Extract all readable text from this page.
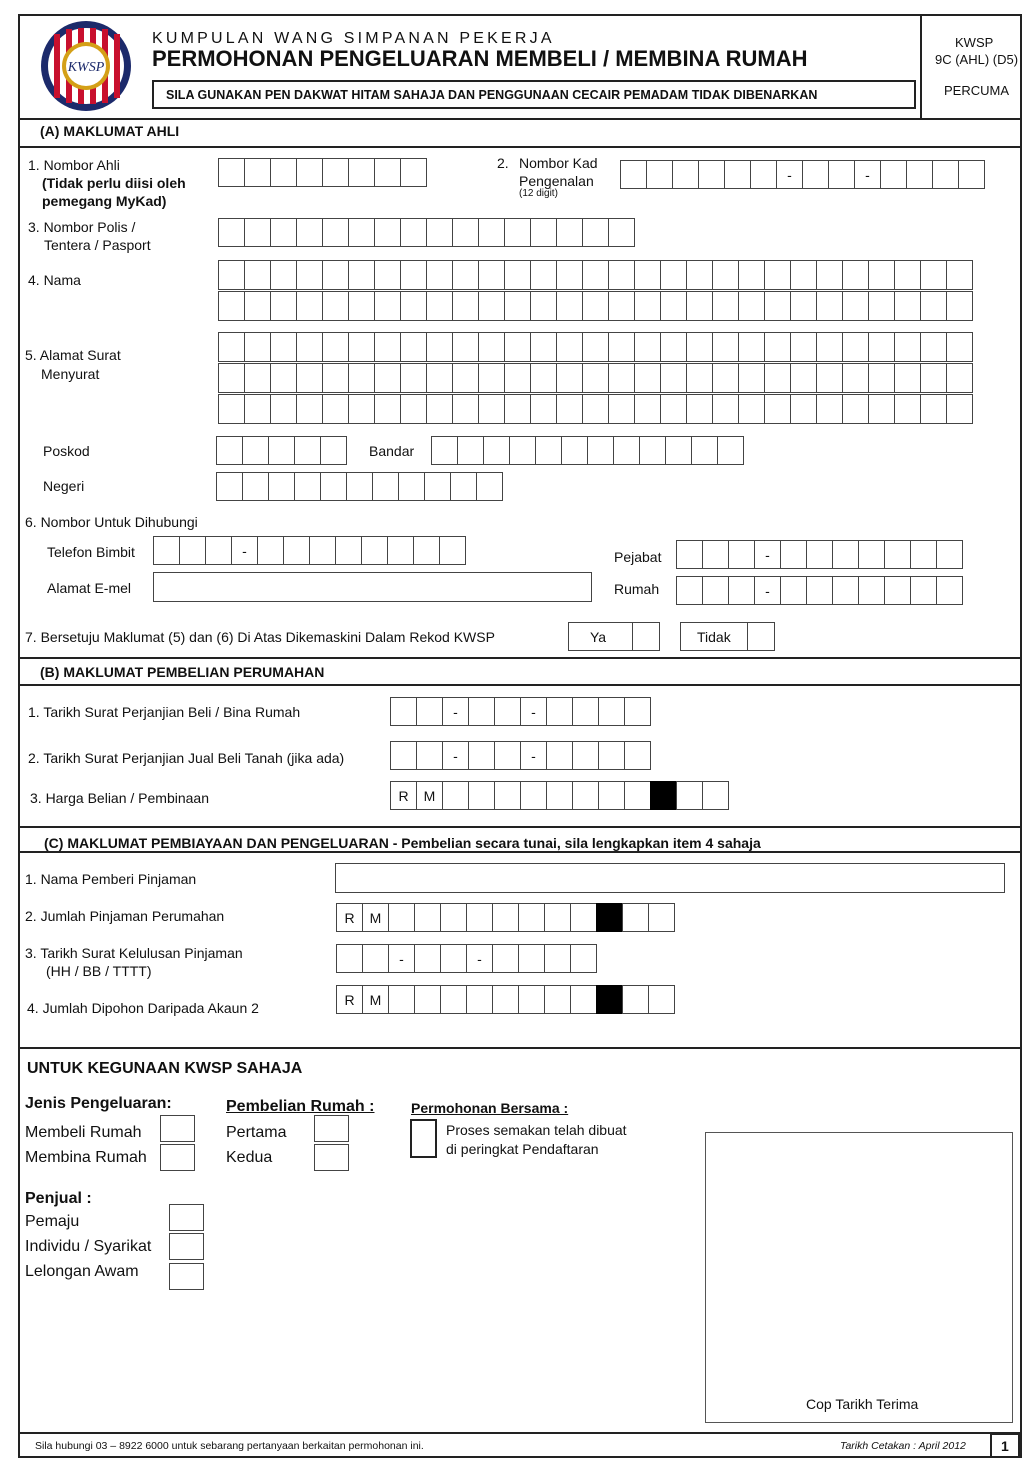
KWSP
KUMPULAN WANG SIMPANAN PEKERJA
PERMOHONAN PENGELUARAN MEMBELI / MEMBINA RUMAH
SILA GUNAKAN PEN DAKWAT HITAM SAHAJA DAN PENGGUNAAN CECAIR PEMADAM TIDAK DIBENARKAN
KWSP
9C (AHL) (D5)
PERCUMA
(A) MAKLUMAT AHLI
1. Nombor Ahli
(Tidak perlu diisi oleh
pemegang MyKad)
2. Nombor Kad
Pengenalan
(12 digit)
-	-
3. Nombor Polis /
Tentera / Pasport
4. Nama
5. Alamat Surat
Menyurat
Poskod	Bandar
Negeri
6. Nombor Untuk Dihubungi
Telefon Bimbit	-	Pejabat	-
Alamat E-mel	Rumah	-
7. Bersetuju Maklumat (5) dan (6) Di Atas Dikemaskini Dalam Rekod KWSP	Ya	Tidak
(B) MAKLUMAT PEMBELIAN PERUMAHAN
1. Tarikh Surat Perjanjian Beli / Bina Rumah	-	-
2. Tarikh Surat Perjanjian Jual Beli Tanah (jika ada)	-	-
3. Harga Belian / Pembinaan	R	M
(C) MAKLUMAT PEMBIAYAAN DAN PENGELUARAN - Pembelian secara tunai, sila lengkapkan item 4 sahaja
1. Nama Pemberi Pinjaman
2. Jumlah Pinjaman Perumahan	R	M
3. Tarikh Surat Kelulusan Pinjaman
(HH / BB / TTTT)
-	-
4. Jumlah Dipohon Daripada Akaun 2
R	M
UNTUK KEGUNAAN KWSP SAHAJA
Jenis Pengeluaran:
Membeli Rumah
Membina Rumah
Pembelian Rumah :
Pertama
Kedua
Permohonan Bersama :
Proses semakan telah dibuat
di peringkat Pendaftaran
Penjual :
Pemaju
Individu / Syarikat
Lelongan Awam
Cop Tarikh Terima
Sila hubungi 03 – 8922 6000 untuk sebarang pertanyaan berkaitan permohonan ini.	Tarikh Cetakan : April 2012	1
